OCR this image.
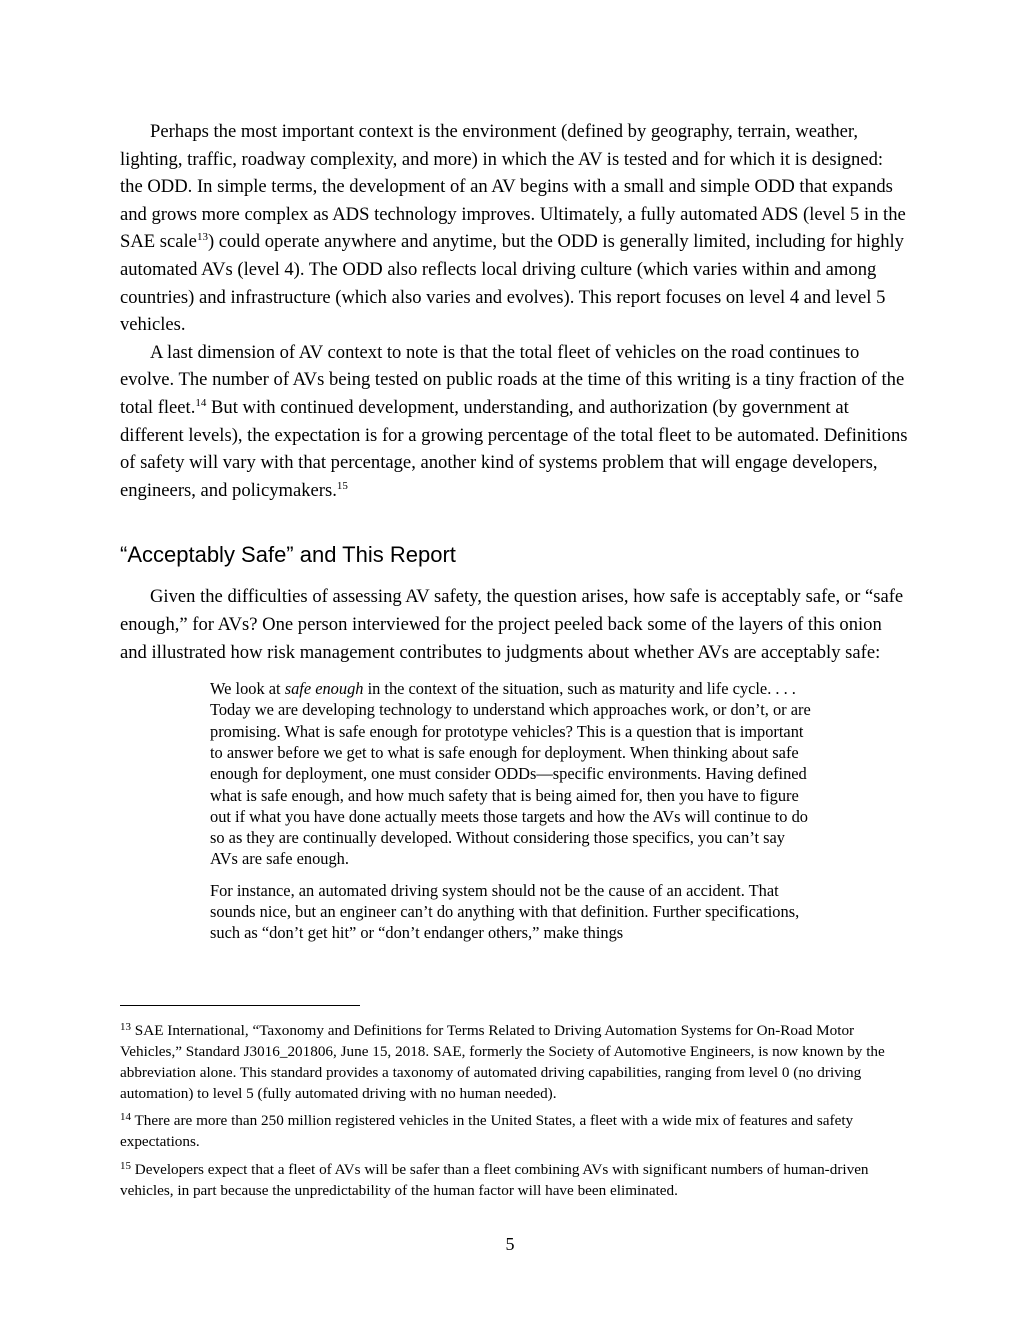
Perhaps the most important context is the environment (defined by geography, terrain, weather, lighting, traffic, roadway complexity, and more) in which the AV is tested and for which it is designed: the ODD. In simple terms, the development of an AV begins with a small and simple ODD that expands and grows more complex as ADS technology improves. Ultimately, a fully automated ADS (level 5 in the SAE scale$^{13}$) could operate anywhere and anytime, but the ODD is generally limited, including for highly automated AVs (level 4). The ODD also reflects local driving culture (which varies within and among countries) and infrastructure (which also varies and evolves). This report focuses on level 4 and level 5 vehicles.

A last dimension of AV context to note is that the total fleet of vehicles on the road continues to evolve. The number of AVs being tested on public roads at the time of this writing is a tiny fraction of the total fleet.$^{14}$ But with continued development, understanding, and authorization (by government at different levels), the expectation is for a growing percentage of the total fleet to be automated. Definitions of safety will vary with that percentage, another kind of systems problem that will engage developers, engineers, and policymakers.$^{15}$

“Acceptably Safe” and This Report

Given the difficulties of assessing AV safety, the question arises, how safe is acceptably safe, or “safe enough,” for AVs? One person interviewed for the project peeled back some of the layers of this onion and illustrated how risk management contributes to judgments about whether AVs are acceptably safe:

We look at safe enough in the context of the situation, such as maturity and life cycle. . . . Today we are developing technology to understand which approaches work, or don’t, or are promising. What is safe enough for prototype vehicles? This is a question that is important to answer before we get to what is safe enough for deployment. When thinking about safe enough for deployment, one must consider ODDs—specific environments. Having defined what is safe enough, and how much safety that is being aimed for, then you have to figure out if what you have done actually meets those targets and how the AVs will continue to do so as they are continually developed. Without considering those specifics, you can’t say AVs are safe enough.

For instance, an automated driving system should not be the cause of an accident. That sounds nice, but an engineer can’t do anything with that definition. Further specifications, such as “don’t get hit” or “don’t endanger others,” make things

$^{13}$ SAE International, “Taxonomy and Definitions for Terms Related to Driving Automation Systems for On-Road Motor Vehicles,” Standard J3016_201806, June 15, 2018. SAE, formerly the Society of Automotive Engineers, is now known by the abbreviation alone. This standard provides a taxonomy of automated driving capabilities, ranging from level 0 (no driving automation) to level 5 (fully automated driving with no human needed).

$^{14}$ There are more than 250 million registered vehicles in the United States, a fleet with a wide mix of features and safety expectations.

$^{15}$ Developers expect that a fleet of AVs will be safer than a fleet combining AVs with significant numbers of human-driven vehicles, in part because the unpredictability of the human factor will have been eliminated.

5
